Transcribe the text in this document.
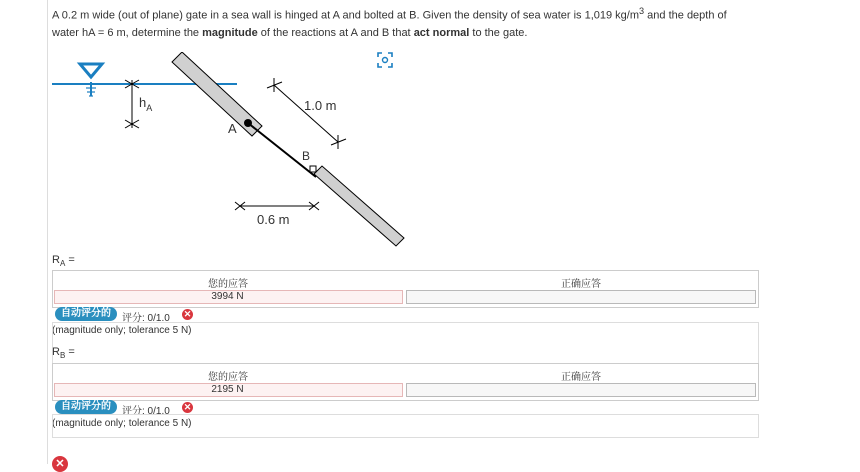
A 0.2 m wide (out of plane) gate in a sea wall is hinged at A and bolted at B. Given the density of sea water is 1,019 $kg/m^3$ and the depth of water hA = 6 m, determine the magnitude of the reactions at A and B that act normal to the gate.
$h_A$
A
B
1.0 m
0.6 m
$R_A$ =
您的应答	正确应答
3994 N
自动评分的	评分: 0/1.0 ✕
(magnitude only; tolerance 5 N)
$R_B$ =
您的应答	正确应答
2195 N
自动评分的	评分: 0/1.0 ✕
(magnitude only; tolerance 5 N)
✕
